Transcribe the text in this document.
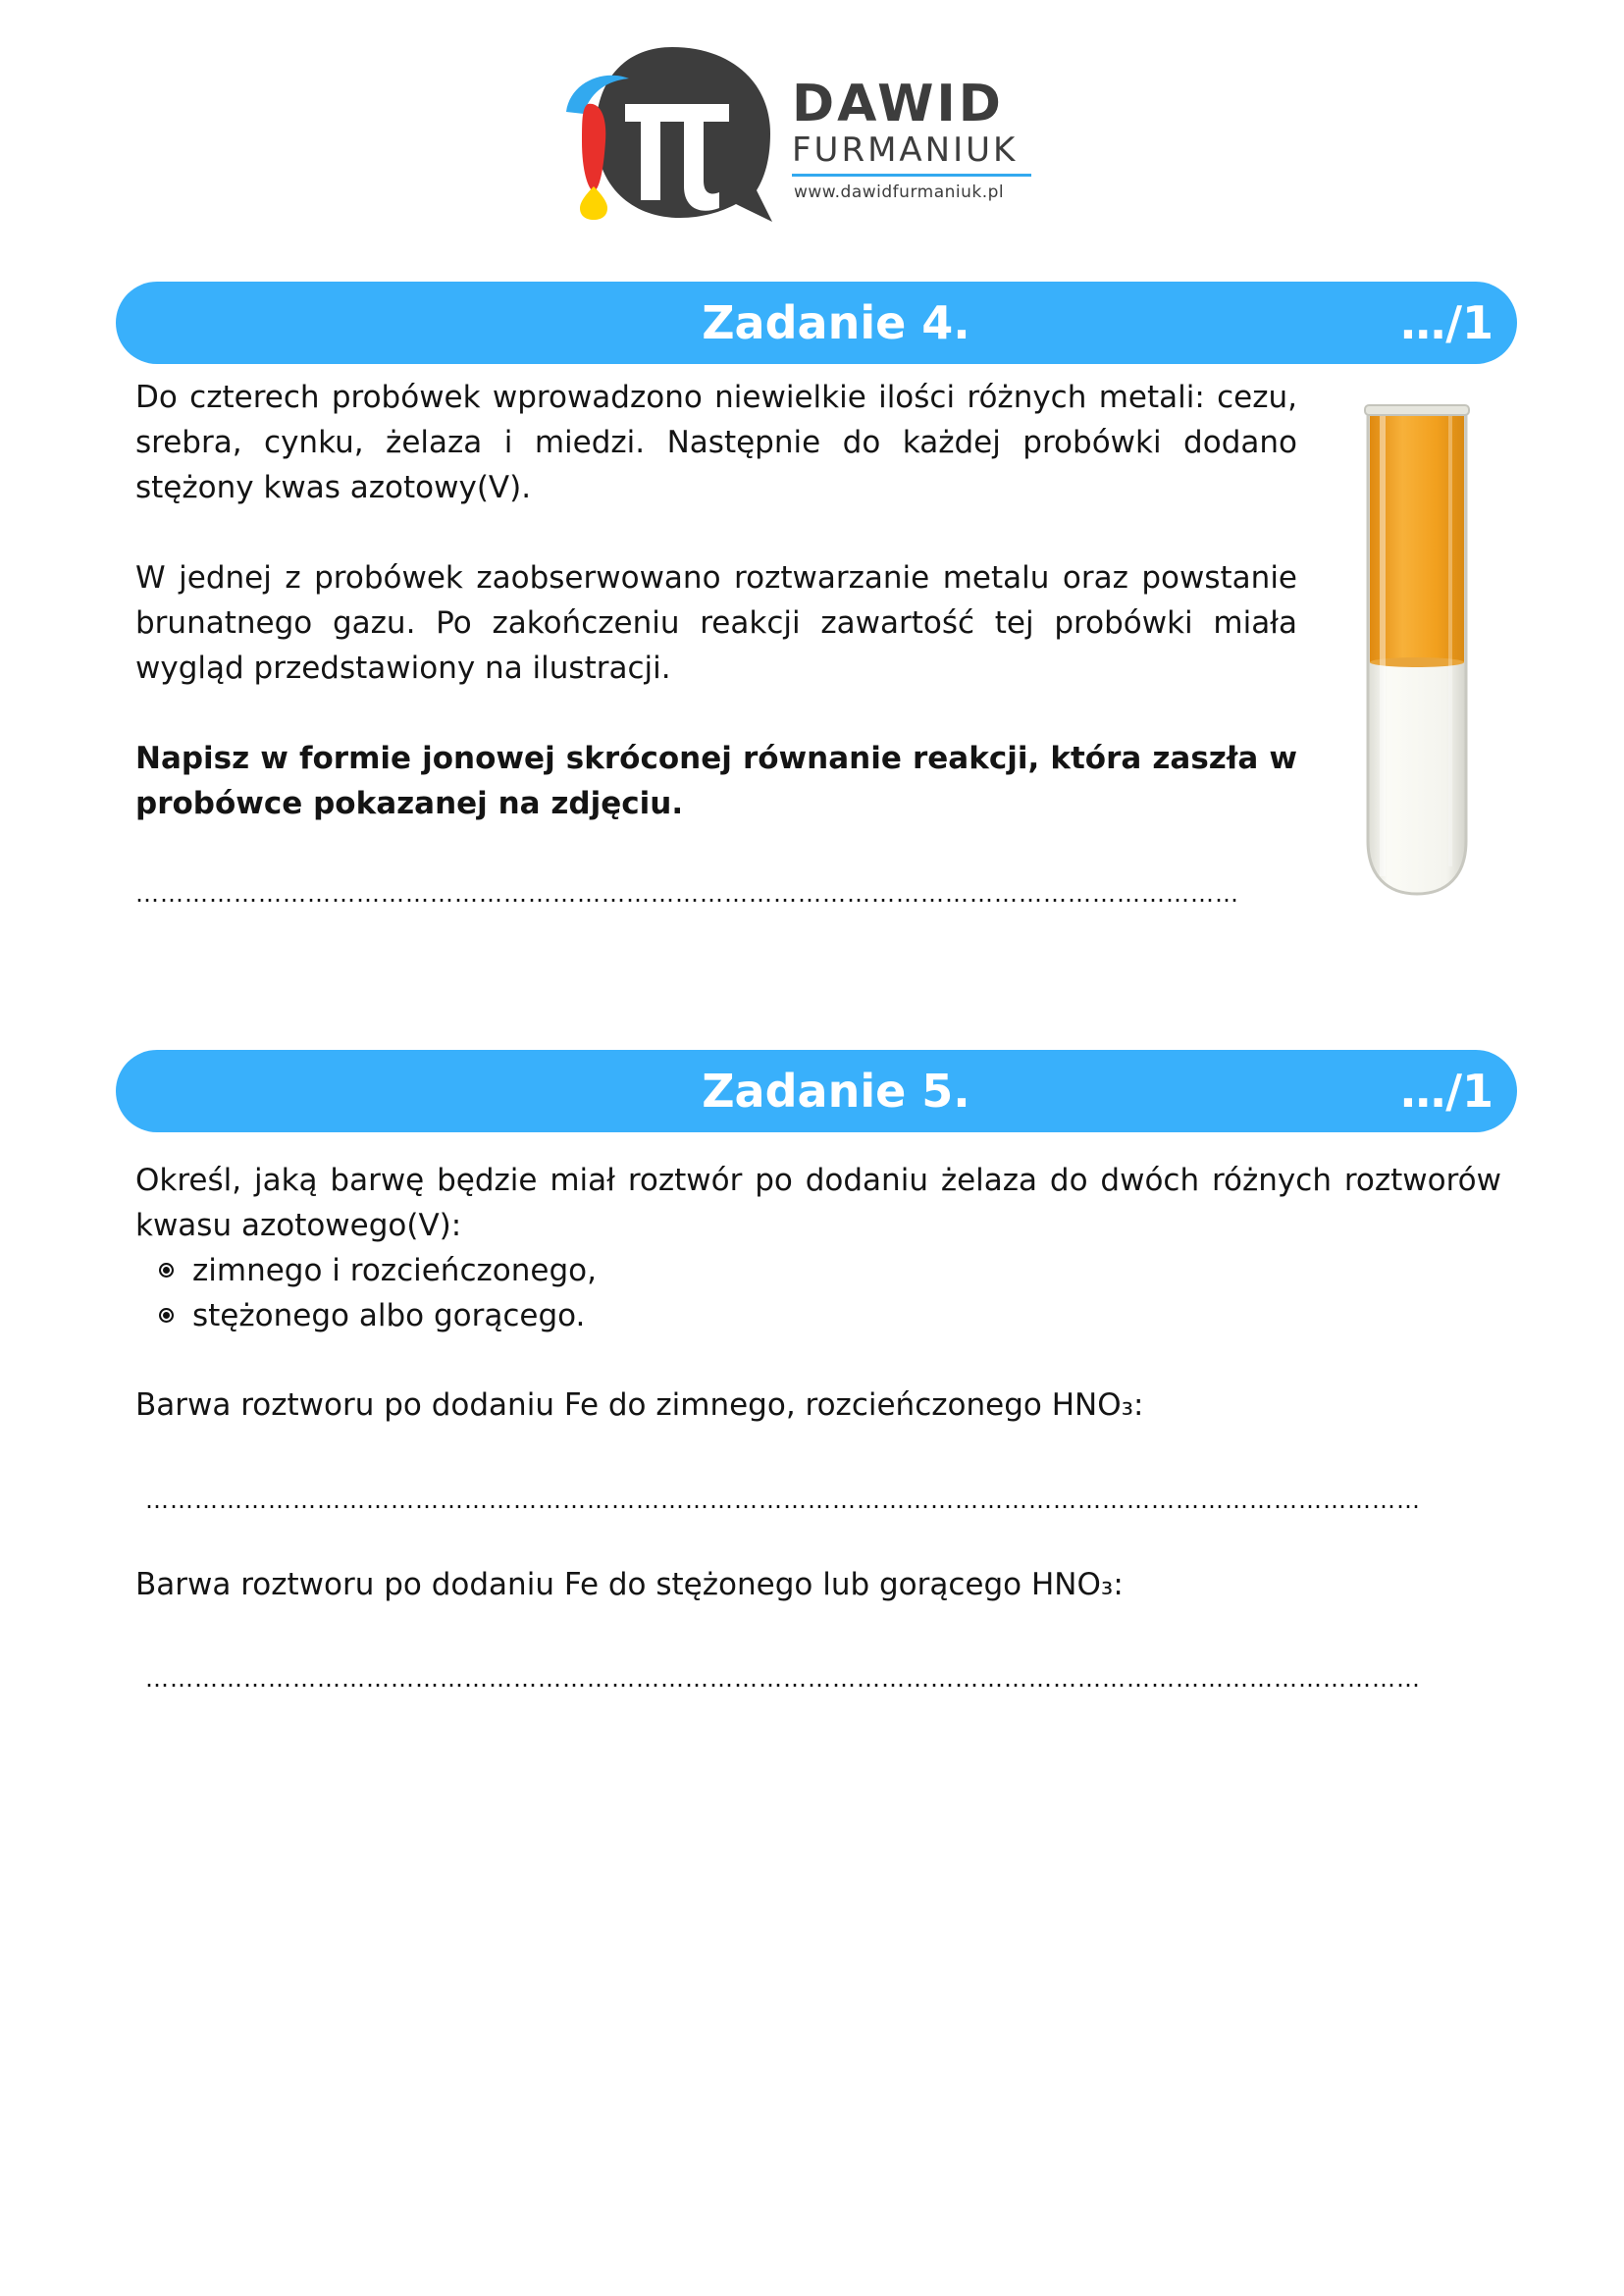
DAWID
FURMANIUK
www.dawidfurmaniuk.pl
Zadanie 4.	…/1

Do czterech probówek wprowadzono niewielkie ilości różnych metali: cezu, srebra, cynku, żelaza i miedzi. Następnie do każdej probówki dodano stężony kwas azotowy(V).

W jednej z probówek zaobserwowano roztwarzanie metalu oraz powstanie brunatnego gazu. Po zakończeniu reakcji zawartość tej probówki miała wygląd przedstawiony na ilustracji.

Napisz w formie jonowej skróconej równanie reakcji, która zaszła w probówce pokazanej na zdjęciu.

………………………………………………………………………………………………………………………
Zadanie 5.	…/1

Określ, jaką barwę będzie miał roztwór po dodaniu żelaza do dwóch różnych roztworów kwasu azotowego(V):

zimnego i rozcieńczonego,
stężonego albo gorącego.

Barwa roztworu po dodaniu Fe do zimnego, rozcieńczonego HNO₃:

…………………………………………………………………………………………………………………………………………

Barwa roztworu po dodaniu Fe do stężonego lub gorącego HNO₃:

…………………………………………………………………………………………………………………………………………
